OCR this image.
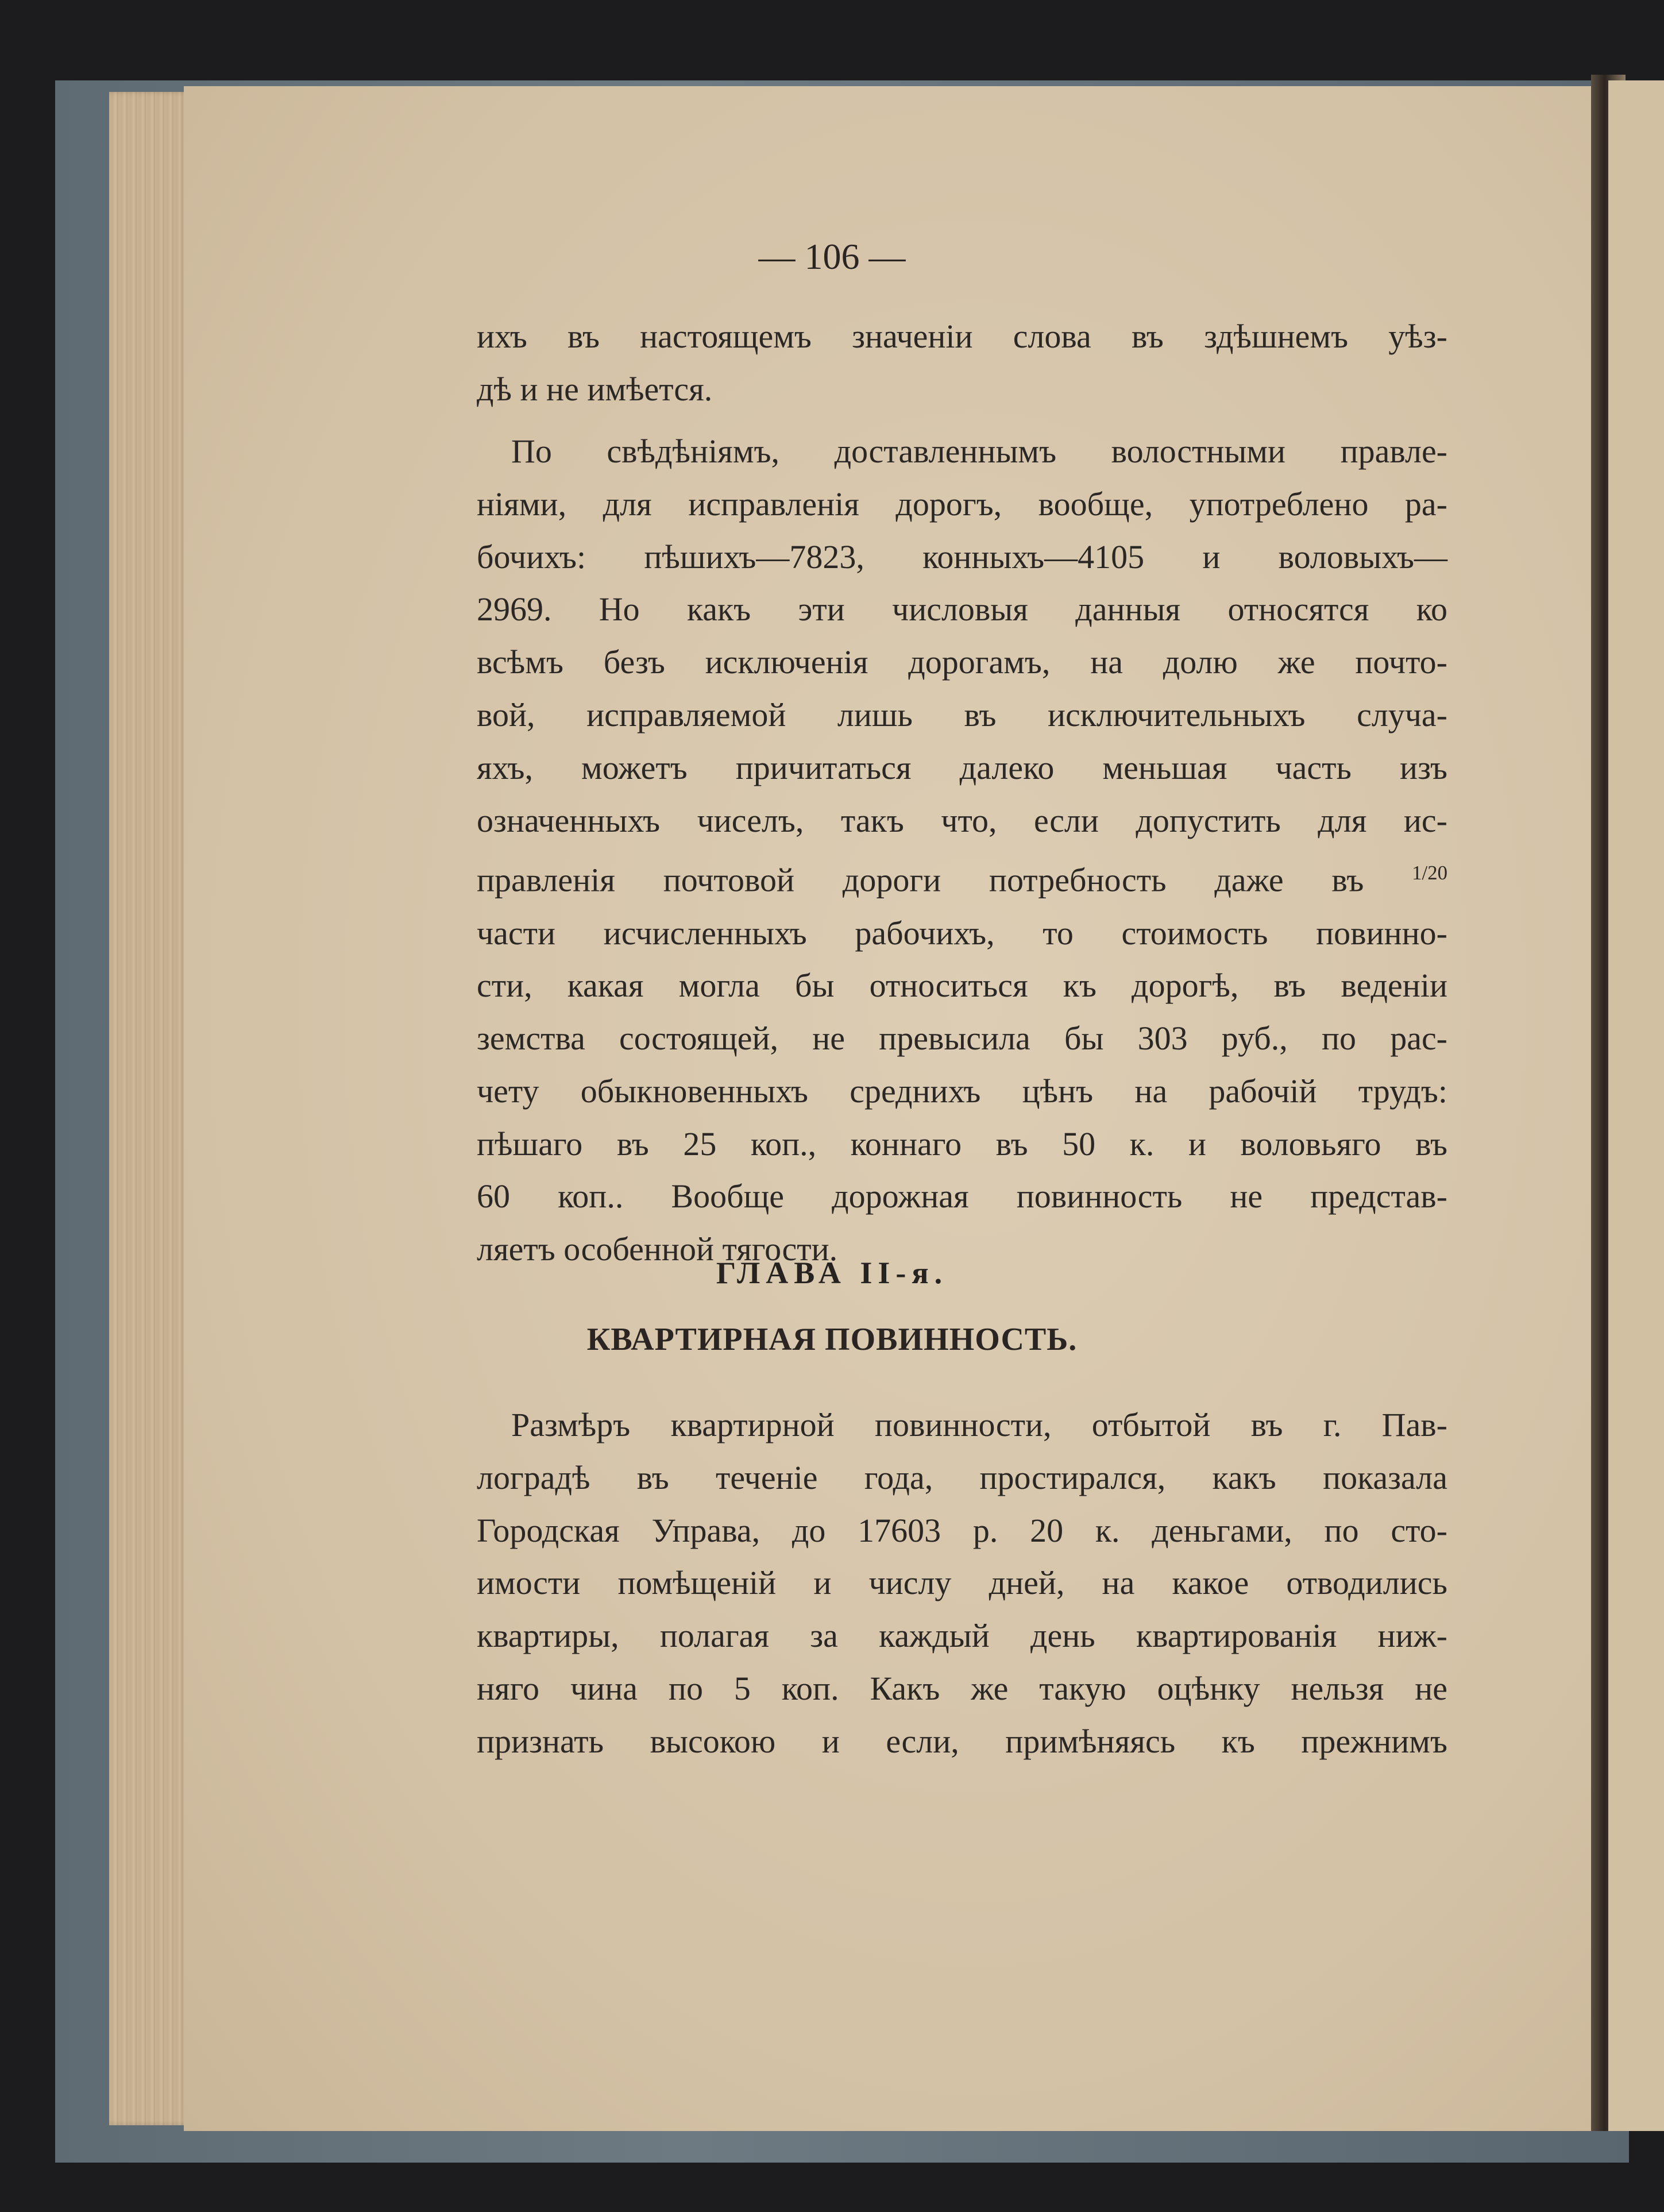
— 106 —
ихъ въ настоящемъ значеніи слова въ здѣшнемъ уѣз-
дѣ и не имѣется.
По свѣдѣніямъ, доставленнымъ волостными правле-
ніями, для исправленія дорогъ, вообще, употреблено ра-
бочихъ: пѣшихъ—7823, конныхъ—4105 и воловыхъ—
2969. Но какъ эти числовыя данныя относятся ко
всѣмъ безъ исключенія дорогамъ, на долю же почто-
вой, исправляемой лишь въ исключительныхъ случа-
яхъ, можетъ причитаться далеко меньшая часть изъ
означенныхъ чиселъ, такъ что, если допустить для ис-
правленія почтовой дороги потребность даже въ $^{1/20}$
части исчисленныхъ рабочихъ, то стоимость повинно-
сти, какая могла бы относиться къ дорогѣ, въ веденіи
земства состоящей, не превысила бы 303 руб., по рас-
чету обыкновенныхъ среднихъ цѣнъ на рабочій трудъ:
пѣшаго въ 25 коп., коннаго въ 50 к. и воловьяго въ
60 коп.. Вообще дорожная повинность не представ-
ляетъ особенной тягости.
ГЛАВА II-я.
КВАРТИРНАЯ ПОВИННОСТЬ.
Размѣръ квартирной повинности, отбытой въ г. Пав-
лоградѣ въ теченіе года, простирался, какъ показала
Городская Управа, до 17603 р. 20 к. деньгами, по сто-
имости помѣщеній и числу дней, на какое отводились
квартиры, полагая за каждый день квартированія ниж-
няго чина по 5 коп. Какъ же такую оцѣнку нельзя не
признать высокою и если, примѣняясь къ прежнимъ
